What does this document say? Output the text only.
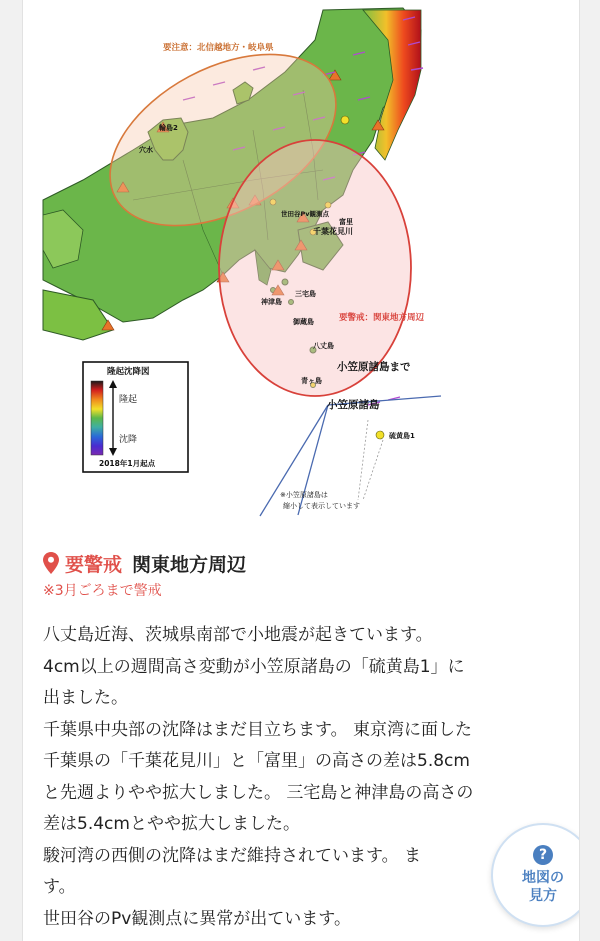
要注意：北信越地方・岐阜県
輪島2
穴水
世田谷Pv観測点
富里
千葉花見川
三宅島
神津島
御蔵島	要警戒：関東地方周辺
八丈島
小笠原諸島まで
青ヶ島
小笠原諸島
硫黄島1
※小笠原諸島は
縮小して表示しています
隆起沈降図
隆起
沈降
2018年1月起点
要警戒 関東地方周辺
※3月ごろまで警戒

八丈島近海、茨城県南部で小地震が起きています。

4cm以上の週間高さ変動が小笠原諸島の「硫黄島1」に

出ました。

千葉県中央部の沈降はまだ目立ちます。 東京湾に面した

千葉県の「千葉花見川」と「富里」の高さの差は5.8cm

と先週よりやや拡大しました。 三宅島と神津島の高さの

差は5.4cmとやや拡大しました。

駿河湾の西側の沈降はまだ維持されています。 ま

す。

世田谷のPv観測点に異常が出ています。

?
地図の
見方
